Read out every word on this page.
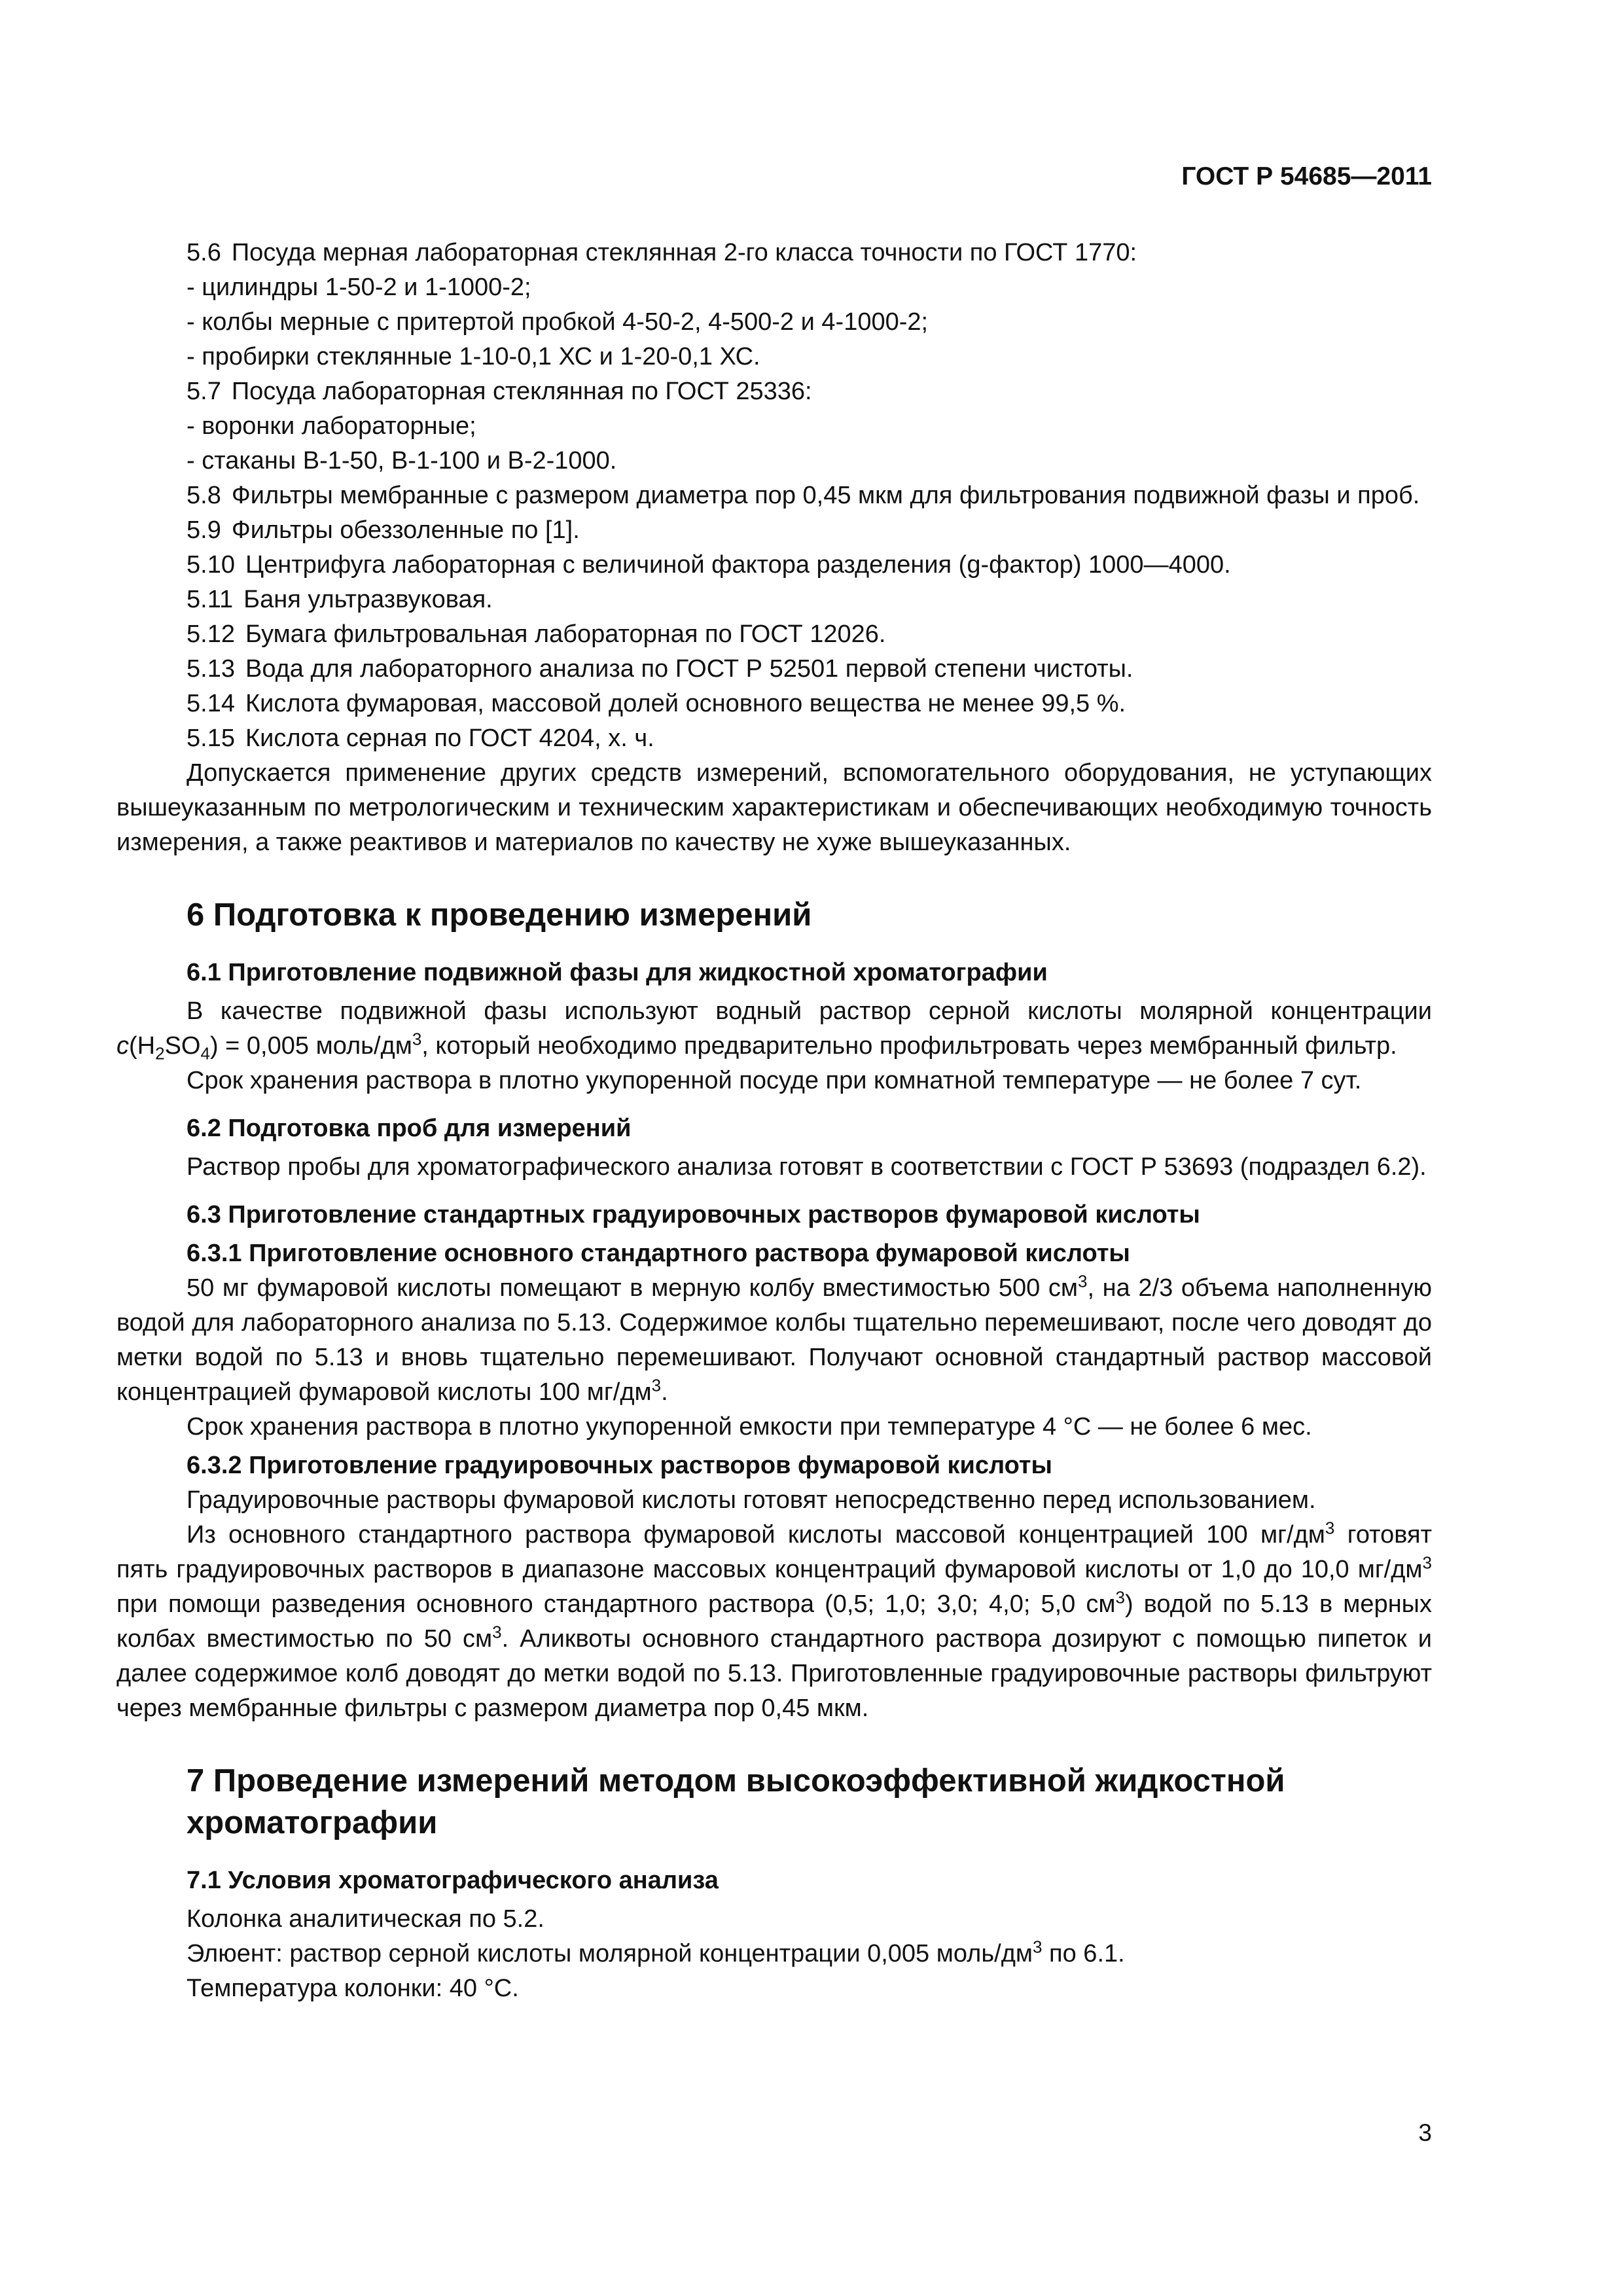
ГОСТ Р 54685—2011

5.6 Посуда мерная лабораторная стеклянная 2-го класса точности по ГОСТ 1770:

- цилиндры 1-50-2 и 1-1000-2;

- колбы мерные с притертой пробкой 4-50-2, 4-500-2 и 4-1000-2;

- пробирки стеклянные 1-10-0,1 ХС и 1-20-0,1 ХС.

5.7 Посуда лабораторная стеклянная по ГОСТ 25336:

- воронки лабораторные;

- стаканы В-1-50, В-1-100 и В-2-1000.

5.8 Фильтры мембранные с размером диаметра пор 0,45 мкм для фильтрования подвижной фазы и проб.

5.9 Фильтры обеззоленные по [1].

5.10 Центрифуга лабораторная с величиной фактора разделения (g-фактор) 1000—4000.

5.11 Баня ультразвуковая.

5.12 Бумага фильтровальная лабораторная по ГОСТ 12026.

5.13 Вода для лабораторного анализа по ГОСТ Р 52501 первой степени чистоты.

5.14 Кислота фумаровая, массовой долей основного вещества не менее 99,5 %.

5.15 Кислота серная по ГОСТ 4204, х. ч.

Допускается применение других средств измерений, вспомогательного оборудования, не уступающих вышеуказанным по метрологическим и техническим характеристикам и обеспечивающих необходимую точность измерения, а также реактивов и материалов по качеству не хуже вышеуказанных.

6 Подготовка к проведению измерений
6.1 Приготовление подвижной фазы для жидкостной хроматографии

В качестве подвижной фазы используют водный раствор серной кислоты молярной концентрации $c(H_2SO_4) = 0,005$ моль/$дм^3$, который необходимо предварительно профильтровать через мембранный фильтр.

Срок хранения раствора в плотно укупоренной посуде при комнатной температуре — не более 7 сут.

6.2 Подготовка проб для измерений

Раствор пробы для хроматографического анализа готовят в соответствии с ГОСТ Р 53693 (подраздел 6.2).

6.3 Приготовление стандартных градуировочных растворов фумаровой кислоты
6.3.1 Приготовление основного стандартного раствора фумаровой кислоты

50 мг фумаровой кислоты помещают в мерную колбу вместимостью 500 $см^3$, на 2/3 объема наполненную водой для лабораторного анализа по 5.13. Содержимое колбы тщательно перемешивают, после чего доводят до метки водой по 5.13 и вновь тщательно перемешивают. Получают основной стандартный раствор массовой концентрацией фумаровой кислоты 100 $мг/дм^3$.

Срок хранения раствора в плотно укупоренной емкости при температуре 4 °С — не более 6 мес.

6.3.2 Приготовление градуировочных растворов фумаровой кислоты

Градуировочные растворы фумаровой кислоты готовят непосредственно перед использованием.

Из основного стандартного раствора фумаровой кислоты массовой концентрацией 100 $мг/дм^3$ готовят пять градуировочных растворов в диапазоне массовых концентраций фумаровой кислоты от 1,0 до 10,0 $мг/дм^3$ при помощи разведения основного стандартного раствора (0,5; 1,0; 3,0; 4,0; 5,0 $см^3$) водой по 5.13 в мерных колбах вместимостью по 50 $см^3$. Аликвоты основного стандартного раствора дозируют с помощью пипеток и далее содержимое колб доводят до метки водой по 5.13. Приготовленные градуировочные растворы фильтруют через мембранные фильтры с размером диаметра пор 0,45 мкм.

7 Проведение измерений методом высокоэффективной жидкостной хроматографии
7.1 Условия хроматографического анализа

Колонка аналитическая по 5.2.

Элюент: раствор серной кислоты молярной концентрации 0,005 моль/$дм^3$ по 6.1.

Температура колонки: 40 °С.

3
